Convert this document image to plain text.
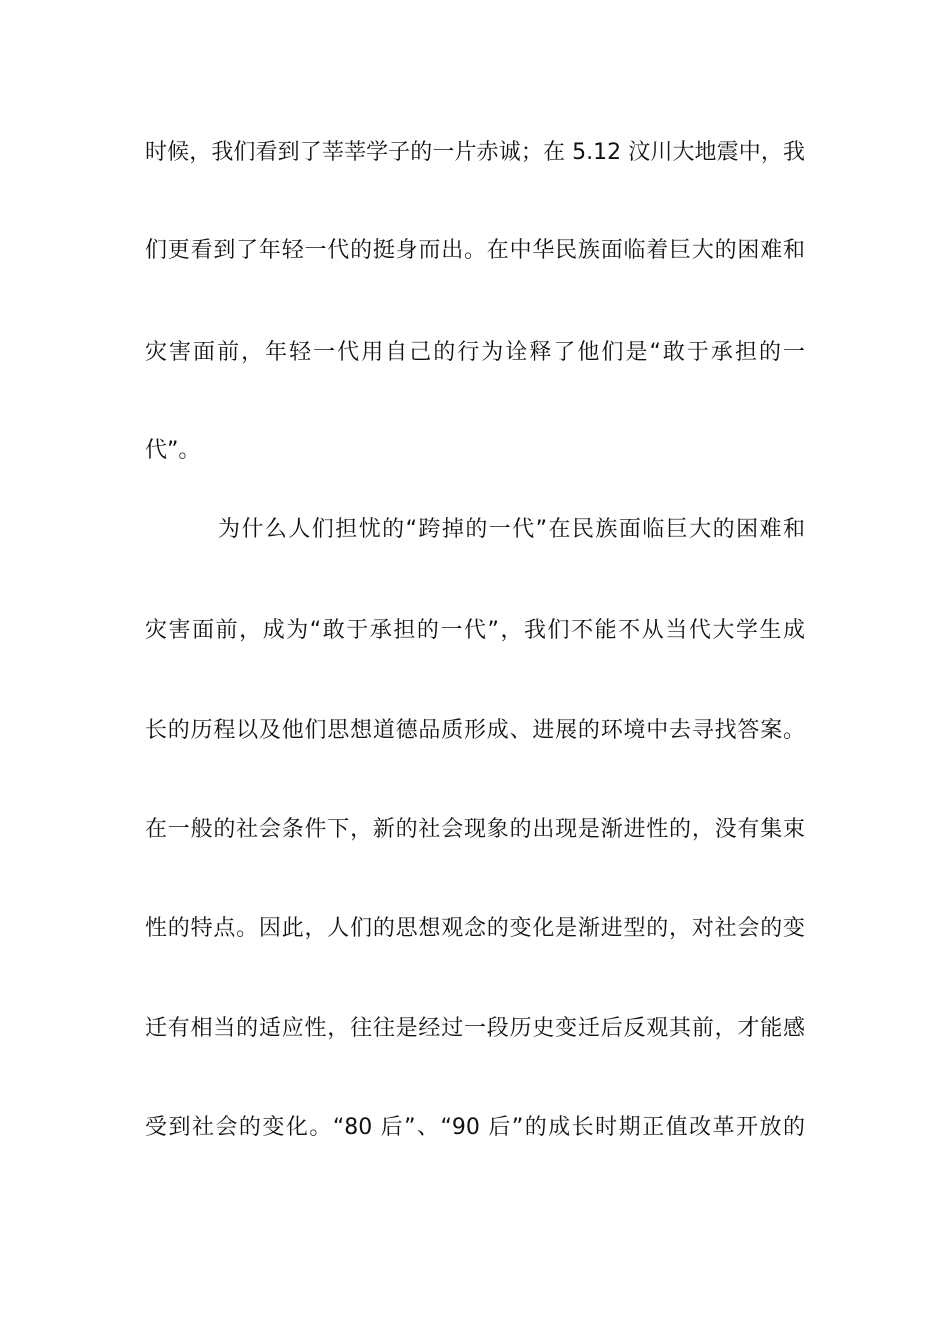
时候，我们看到了莘莘学子的一片赤诚；在 5.12 汶川大地震中，我
们更看到了年轻一代的挺身而出。在中华民族面临着巨大的困难和
灾害面前，年轻一代用自己的行为诠释了他们是“敢于承担的一
代”。
为什么人们担忧的“跨掉的一代”在民族面临巨大的困难和
灾害面前，成为“敢于承担的一代”，我们不能不从当代大学生成
长的历程以及他们思想道德品质形成、进展的环境中去寻找答案。
在一般的社会条件下，新的社会现象的出现是渐进性的，没有集束
性的特点。因此，人们的思想观念的变化是渐进型的，对社会的变
迁有相当的适应性，往往是经过一段历史变迁后反观其前，才能感
受到社会的变化。“80 后”、“90 后”的成长时期正值改革开放的
